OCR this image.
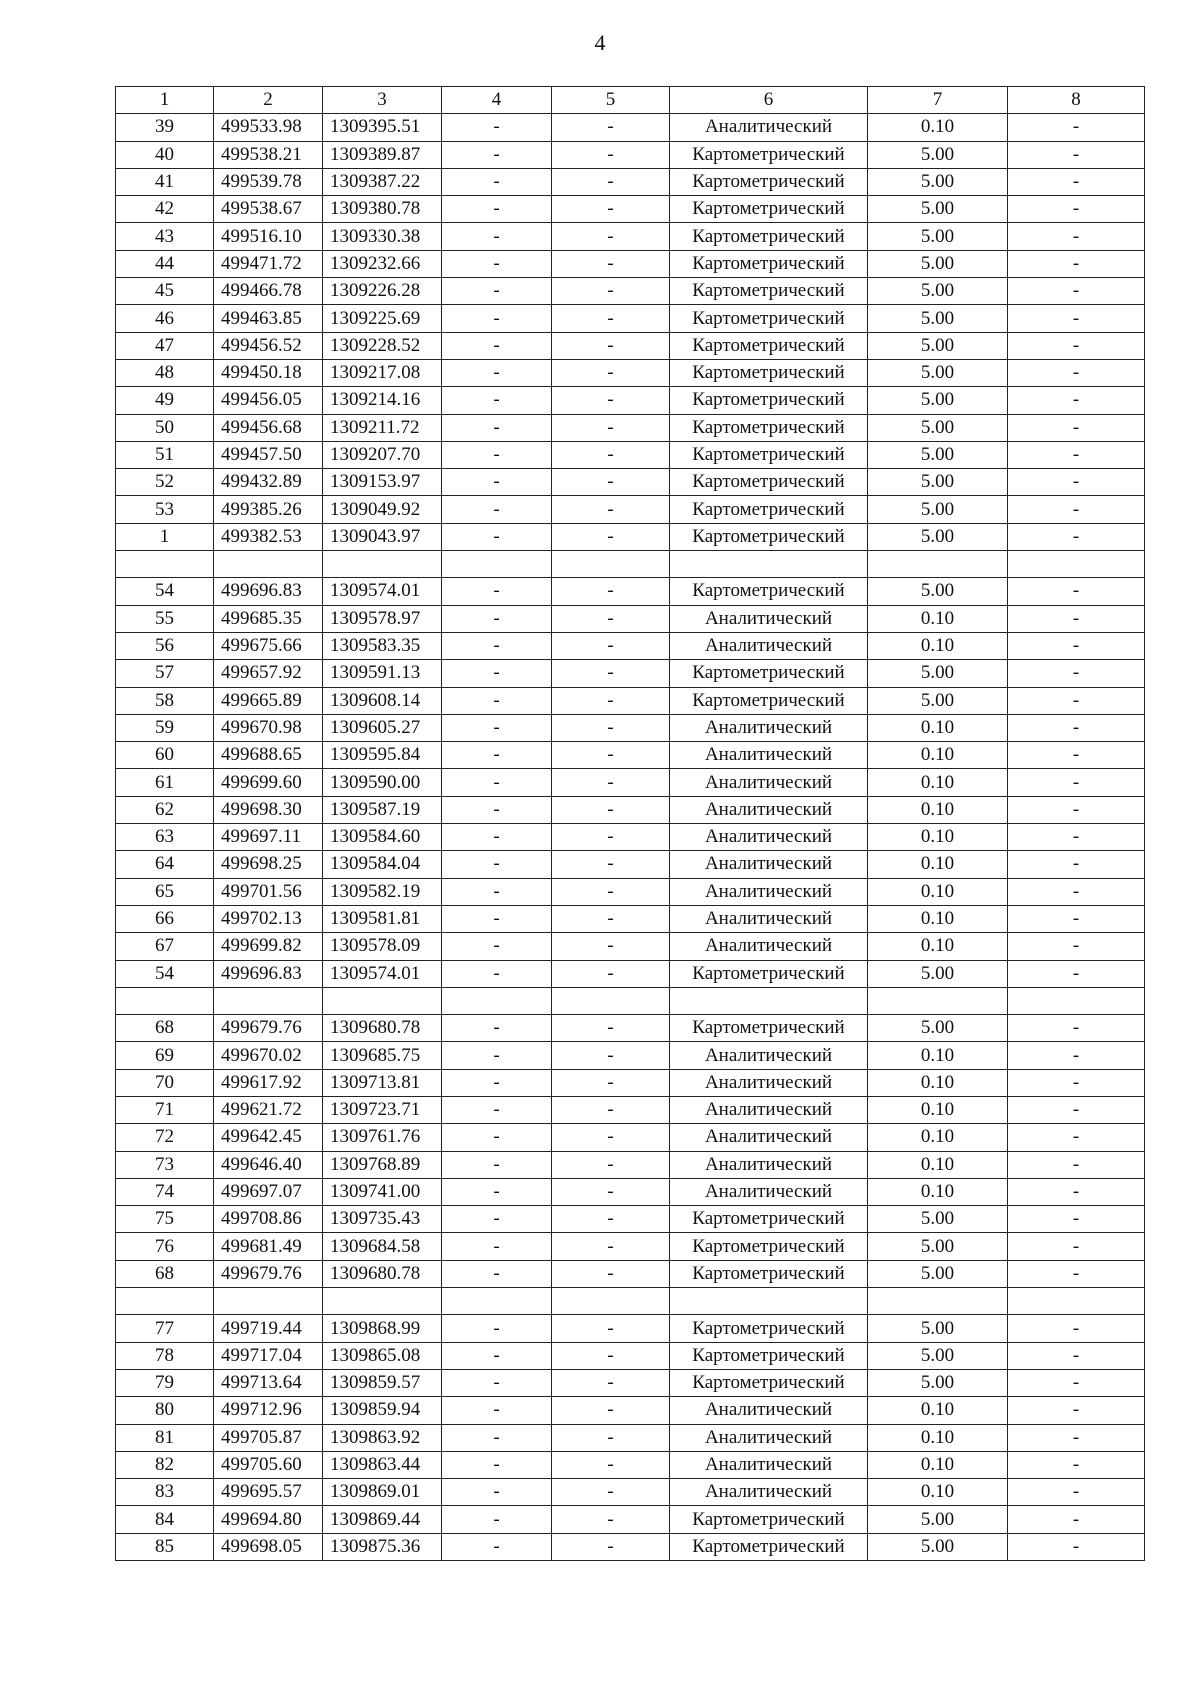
4
1	2	3	4	5	6	7	8
39	499533.98	1309395.51	-	-	Аналитический	0.10	-
40	499538.21	1309389.87	-	-	Картометрический	5.00	-
41	499539.78	1309387.22	-	-	Картометрический	5.00	-
42	499538.67	1309380.78	-	-	Картометрический	5.00	-
43	499516.10	1309330.38	-	-	Картометрический	5.00	-
44	499471.72	1309232.66	-	-	Картометрический	5.00	-
45	499466.78	1309226.28	-	-	Картометрический	5.00	-
46	499463.85	1309225.69	-	-	Картометрический	5.00	-
47	499456.52	1309228.52	-	-	Картометрический	5.00	-
48	499450.18	1309217.08	-	-	Картометрический	5.00	-
49	499456.05	1309214.16	-	-	Картометрический	5.00	-
50	499456.68	1309211.72	-	-	Картометрический	5.00	-
51	499457.50	1309207.70	-	-	Картометрический	5.00	-
52	499432.89	1309153.97	-	-	Картометрический	5.00	-
53	499385.26	1309049.92	-	-	Картометрический	5.00	-
1	499382.53	1309043.97	-	-	Картометрический	5.00	-

54	499696.83	1309574.01	-	-	Картометрический	5.00	-
55	499685.35	1309578.97	-	-	Аналитический	0.10	-
56	499675.66	1309583.35	-	-	Аналитический	0.10	-
57	499657.92	1309591.13	-	-	Картометрический	5.00	-
58	499665.89	1309608.14	-	-	Картометрический	5.00	-
59	499670.98	1309605.27	-	-	Аналитический	0.10	-
60	499688.65	1309595.84	-	-	Аналитический	0.10	-
61	499699.60	1309590.00	-	-	Аналитический	0.10	-
62	499698.30	1309587.19	-	-	Аналитический	0.10	-
63	499697.11	1309584.60	-	-	Аналитический	0.10	-
64	499698.25	1309584.04	-	-	Аналитический	0.10	-
65	499701.56	1309582.19	-	-	Аналитический	0.10	-
66	499702.13	1309581.81	-	-	Аналитический	0.10	-
67	499699.82	1309578.09	-	-	Аналитический	0.10	-
54	499696.83	1309574.01	-	-	Картометрический	5.00	-

68	499679.76	1309680.78	-	-	Картометрический	5.00	-
69	499670.02	1309685.75	-	-	Аналитический	0.10	-
70	499617.92	1309713.81	-	-	Аналитический	0.10	-
71	499621.72	1309723.71	-	-	Аналитический	0.10	-
72	499642.45	1309761.76	-	-	Аналитический	0.10	-
73	499646.40	1309768.89	-	-	Аналитический	0.10	-
74	499697.07	1309741.00	-	-	Аналитический	0.10	-
75	499708.86	1309735.43	-	-	Картометрический	5.00	-
76	499681.49	1309684.58	-	-	Картометрический	5.00	-
68	499679.76	1309680.78	-	-	Картометрический	5.00	-

77	499719.44	1309868.99	-	-	Картометрический	5.00	-
78	499717.04	1309865.08	-	-	Картометрический	5.00	-
79	499713.64	1309859.57	-	-	Картометрический	5.00	-
80	499712.96	1309859.94	-	-	Аналитический	0.10	-
81	499705.87	1309863.92	-	-	Аналитический	0.10	-
82	499705.60	1309863.44	-	-	Аналитический	0.10	-
83	499695.57	1309869.01	-	-	Аналитический	0.10	-
84	499694.80	1309869.44	-	-	Картометрический	5.00	-
85	499698.05	1309875.36	-	-	Картометрический	5.00	-
